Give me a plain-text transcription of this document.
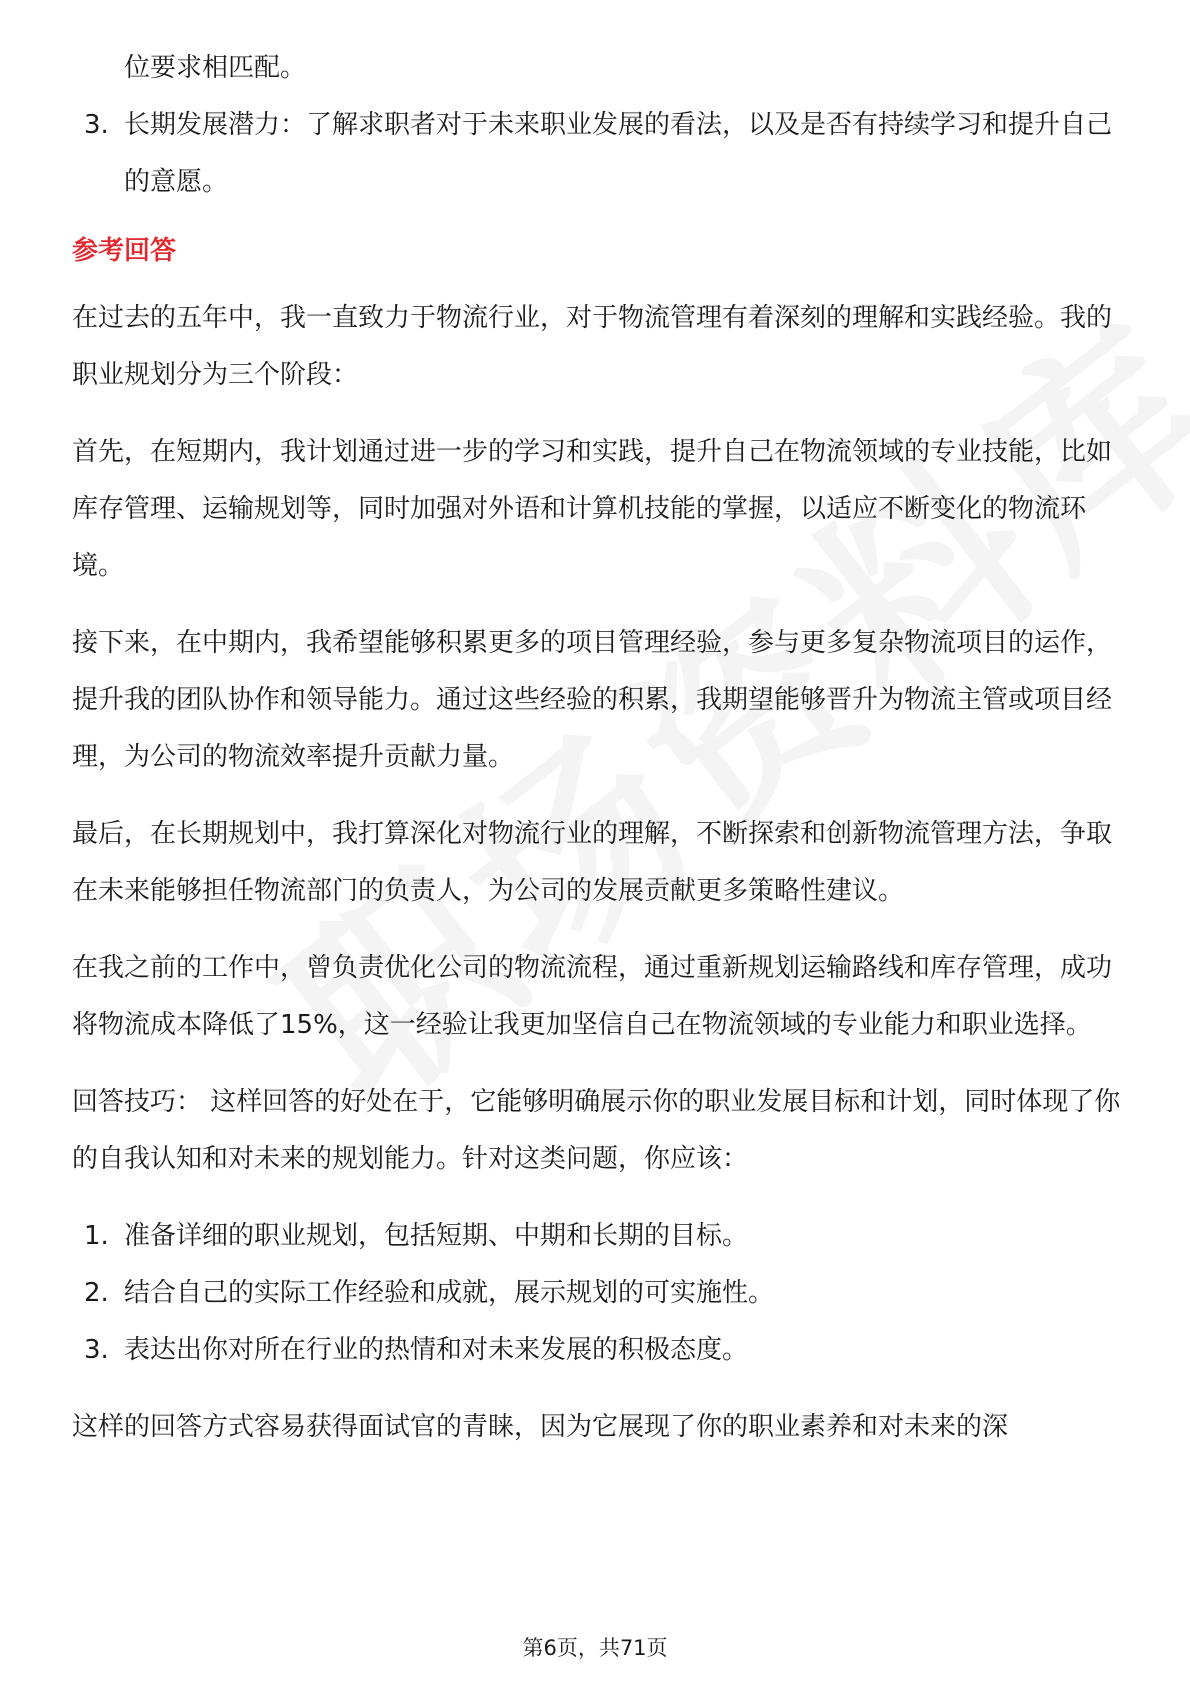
位要求相匹配。
3. 长期发展潜力：了解求职者对于未来职业发展的看法，以及是否有持续学习和提升自己的意愿。
参考回答

在过去的五年中，我一直致力于物流行业，对于物流管理有着深刻的理解和实践经验。我的职业规划分为三个阶段：

首先，在短期内，我计划通过进一步的学习和实践，提升自己在物流领域的专业技能，比如库存管理、运输规划等，同时加强对外语和计算机技能的掌握，以适应不断变化的物流环境。

接下来，在中期内，我希望能够积累更多的项目管理经验，参与更多复杂物流项目的运作，提升我的团队协作和领导能力。通过这些经验的积累，我期望能够晋升为物流主管或项目经理，为公司的物流效率提升贡献力量。

最后，在长期规划中，我打算深化对物流行业的理解，不断探索和创新物流管理方法，争取在未来能够担任物流部门的负责人，为公司的发展贡献更多策略性建议。

在我之前的工作中，曾负责优化公司的物流流程，通过重新规划运输路线和库存管理，成功将物流成本降低了15%，这一经验让我更加坚信自己在物流领域的专业能力和职业选择。

回答技巧： 这样回答的好处在于，它能够明确展示你的职业发展目标和计划，同时体现了你的自我认知和对未来的规划能力。针对这类问题，你应该：

1. 准备详细的职业规划，包括短期、中期和长期的目标。
2. 结合自己的实际工作经验和成就，展示规划的可实施性。
3. 表达出你对所在行业的热情和对未来发展的积极态度。

这样的回答方式容易获得面试官的青睐，因为它展现了你的职业素养和对未来的深

第6页，共71页
